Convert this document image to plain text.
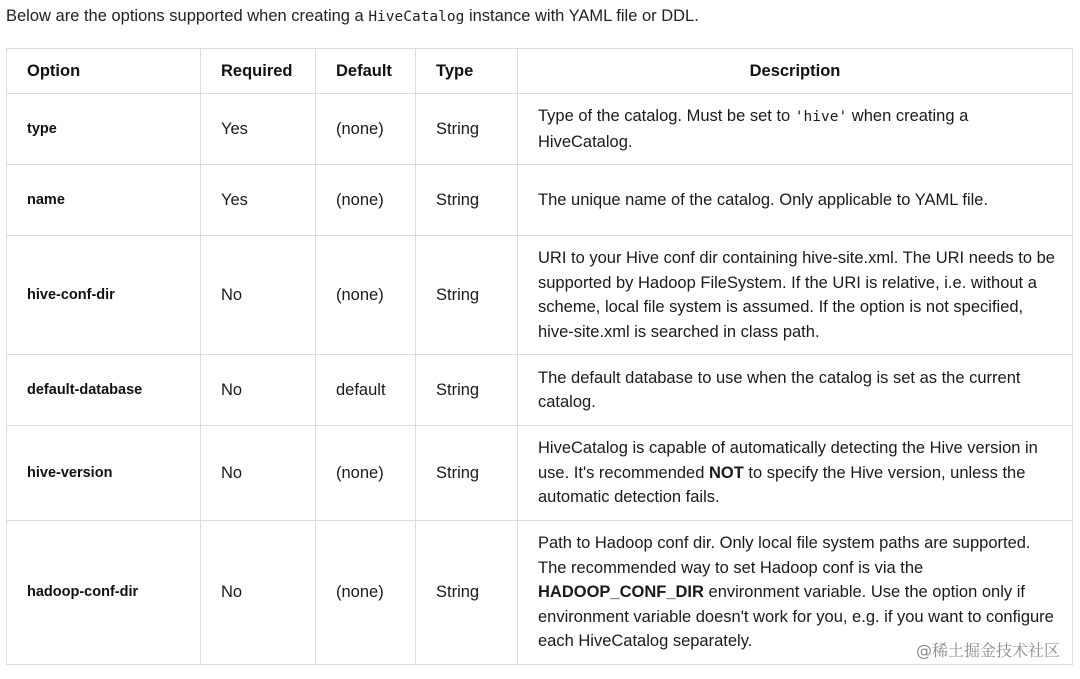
Below are the options supported when creating a HiveCatalog instance with YAML file or DDL.
Option	Required	Default	Type	Description
type	Yes	(none)	String	Type of the catalog. Must be set to 'hive' when creating a HiveCatalog.
name	Yes	(none)	String	The unique name of the catalog. Only applicable to YAML file.
hive-conf-dir	No	(none)	String	URI to your Hive conf dir containing hive-site.xml. The URI needs to be supported by Hadoop FileSystem. If the URI is relative, i.e. without a scheme, local file system is assumed. If the option is not specified, hive-site.xml is searched in class path.
default-database	No	default	String	The default database to use when the catalog is set as the current catalog.
hive-version	No	(none)	String	HiveCatalog is capable of automatically detecting the Hive version in use. It's recommended NOT to specify the Hive version, unless the automatic detection fails.
hadoop-conf-dir	No	(none)	String	Path to Hadoop conf dir. Only local file system paths are supported. The recommended way to set Hadoop conf is via the HADOOP_CONF_DIR environment variable. Use the option only if environment variable doesn't work for you, e.g. if you want to configure each HiveCatalog separately.	@稀土掘金技术社区
